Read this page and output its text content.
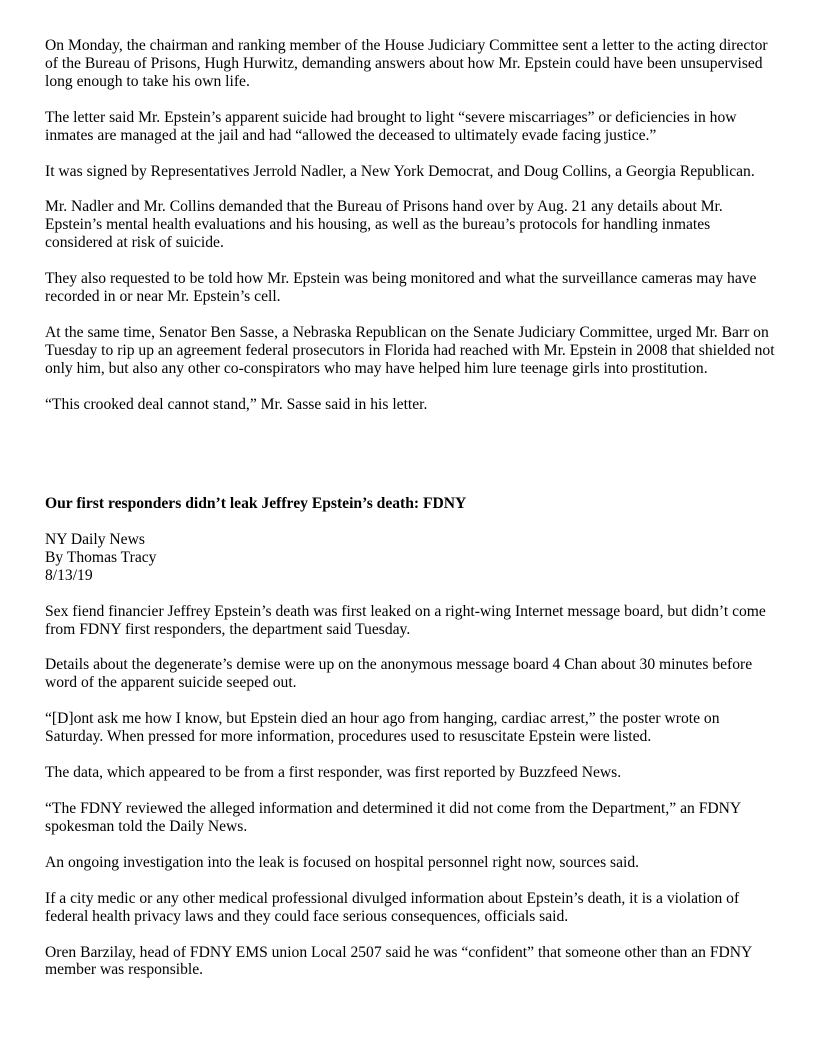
On Monday, the chairman and ranking member of the House Judiciary Committee sent a letter to the acting director of the Bureau of Prisons, Hugh Hurwitz, demanding answers about how Mr. Epstein could have been unsupervised long enough to take his own life.

The letter said Mr. Epstein’s apparent suicide had brought to light “severe miscarriages” or deficiencies in how inmates are managed at the jail and had “allowed the deceased to ultimately evade facing justice.”

It was signed by Representatives Jerrold Nadler, a New York Democrat, and Doug Collins, a Georgia Republican.

Mr. Nadler and Mr. Collins demanded that the Bureau of Prisons hand over by Aug. 21 any details about Mr. Epstein’s mental health evaluations and his housing, as well as the bureau’s protocols for handling inmates considered at risk of suicide.

They also requested to be told how Mr. Epstein was being monitored and what the surveillance cameras may have recorded in or near Mr. Epstein’s cell.

At the same time, Senator Ben Sasse, a Nebraska Republican on the Senate Judiciary Committee, urged Mr. Barr on Tuesday to rip up an agreement federal prosecutors in Florida had reached with Mr. Epstein in 2008 that shielded not only him, but also any other co-conspirators who may have helped him lure teenage girls into prostitution.

“This crooked deal cannot stand,” Mr. Sasse said in his letter.

Our first responders didn’t leak Jeffrey Epstein’s death: FDNY

NY Daily News

By Thomas Tracy

8/13/19

Sex fiend financier Jeffrey Epstein’s death was first leaked on a right-wing Internet message board, but didn’t come from FDNY first responders, the department said Tuesday.

Details about the degenerate’s demise were up on the anonymous message board 4 Chan about 30 minutes before word of the apparent suicide seeped out.

“[D]ont ask me how I know, but Epstein died an hour ago from hanging, cardiac arrest,” the poster wrote on Saturday. When pressed for more information, procedures used to resuscitate Epstein were listed.

The data, which appeared to be from a first responder, was first reported by Buzzfeed News.

“The FDNY reviewed the alleged information and determined it did not come from the Department,” an FDNY spokesman told the Daily News.

An ongoing investigation into the leak is focused on hospital personnel right now, sources said.

If a city medic or any other medical professional divulged information about Epstein’s death, it is a violation of federal health privacy laws and they could face serious consequences, officials said.

Oren Barzilay, head of FDNY EMS union Local 2507 said he was “confident” that someone other than an FDNY member was responsible.
